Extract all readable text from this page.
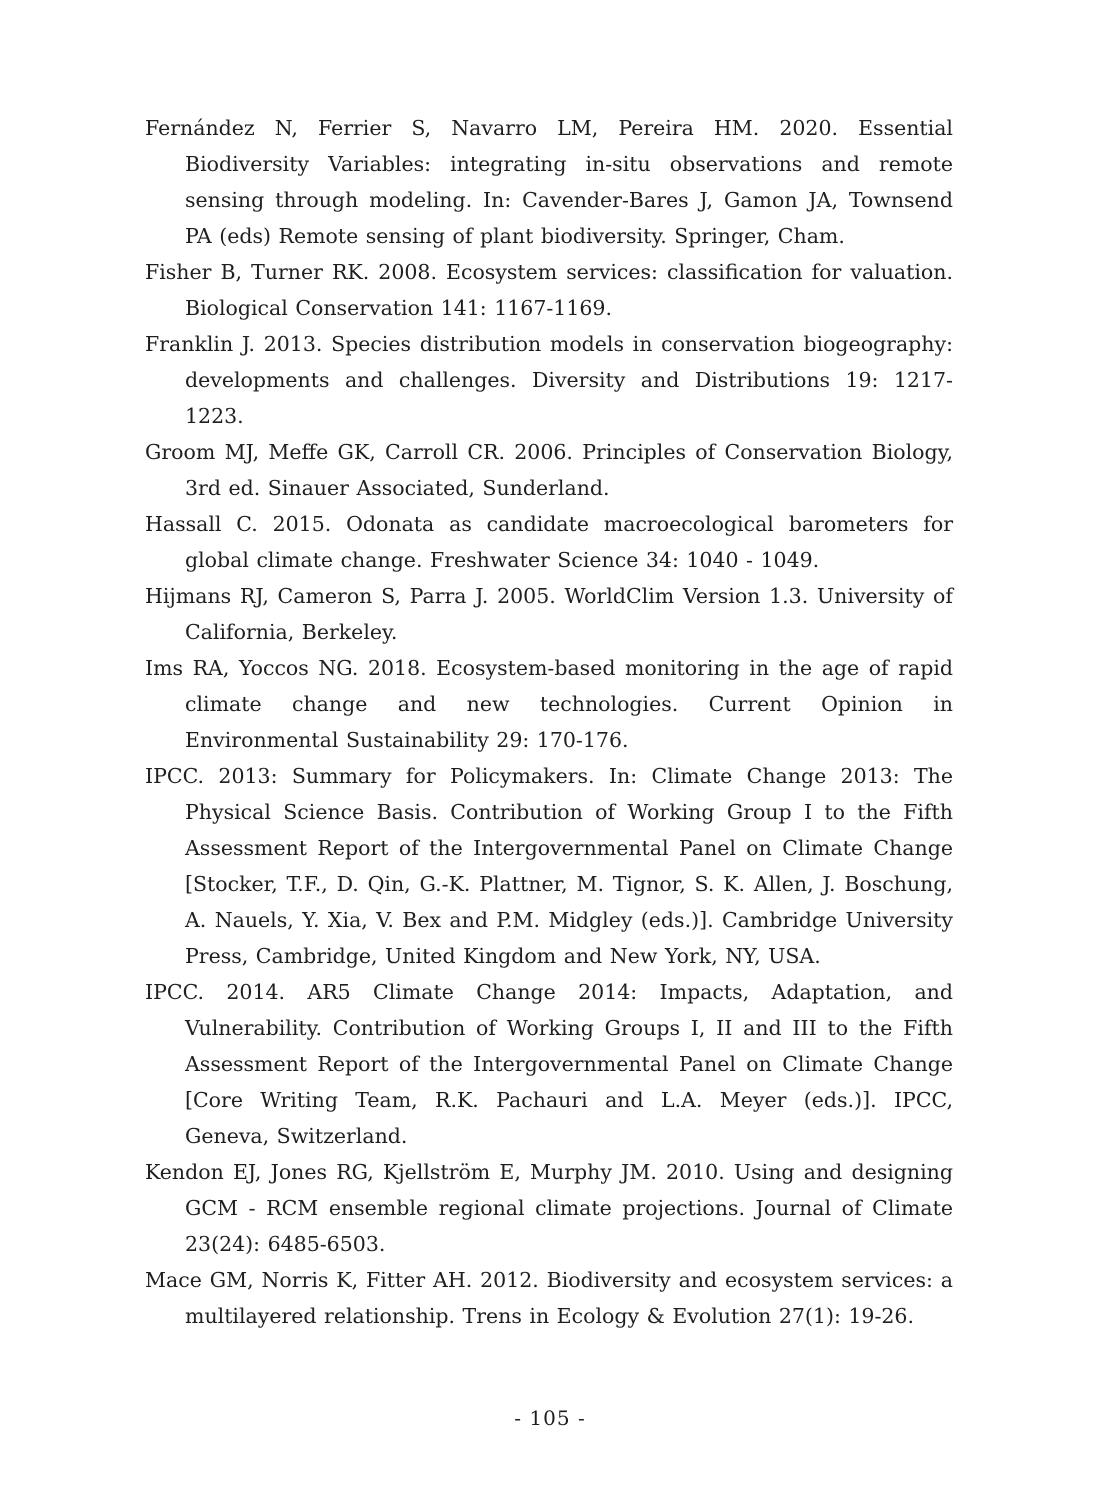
Fernández N, Ferrier S, Navarro LM, Pereira HM. 2020. Essential Biodiversity Variables: integrating in-situ observations and remote sensing through modeling. In: Cavender-Bares J, Gamon JA, Townsend PA (eds) Remote sensing of plant biodiversity. Springer, Cham.
Fisher B, Turner RK. 2008. Ecosystem services: classification for valuation. Biological Conservation 141: 1167-1169.
Franklin J. 2013. Species distribution models in conservation biogeography: developments and challenges. Diversity and Distributions 19: 1217-1223.
Groom MJ, Meffe GK, Carroll CR. 2006. Principles of Conservation Biology, 3rd ed. Sinauer Associated, Sunderland.
Hassall C. 2015. Odonata as candidate macroecological barometers for global climate change. Freshwater Science 34: 1040 - 1049.
Hijmans RJ, Cameron S, Parra J. 2005. WorldClim Version 1.3. University of California, Berkeley.
Ims RA, Yoccos NG. 2018. Ecosystem-based monitoring in the age of rapid climate change and new technologies. Current Opinion in Environmental Sustainability 29: 170-176.
IPCC. 2013: Summary for Policymakers. In: Climate Change 2013: The Physical Science Basis. Contribution of Working Group I to the Fifth Assessment Report of the Intergovernmental Panel on Climate Change [Stocker, T.F., D. Qin, G.-K. Plattner, M. Tignor, S. K. Allen, J. Boschung, A. Nauels, Y. Xia, V. Bex and P.M. Midgley (eds.)]. Cambridge University Press, Cambridge, United Kingdom and New York, NY, USA.
IPCC. 2014. AR5 Climate Change 2014: Impacts, Adaptation, and Vulnerability. Contribution of Working Groups I, II and III to the Fifth Assessment Report of the Intergovernmental Panel on Climate Change [Core Writing Team, R.K. Pachauri and L.A. Meyer (eds.)]. IPCC, Geneva, Switzerland.
Kendon EJ, Jones RG, Kjellström E, Murphy JM. 2010. Using and designing GCM - RCM ensemble regional climate projections. Journal of Climate 23(24): 6485-6503.
Mace GM, Norris K, Fitter AH. 2012. Biodiversity and ecosystem services: a multilayered relationship. Trens in Ecology & Evolution 27(1): 19-26.
- 105 -
